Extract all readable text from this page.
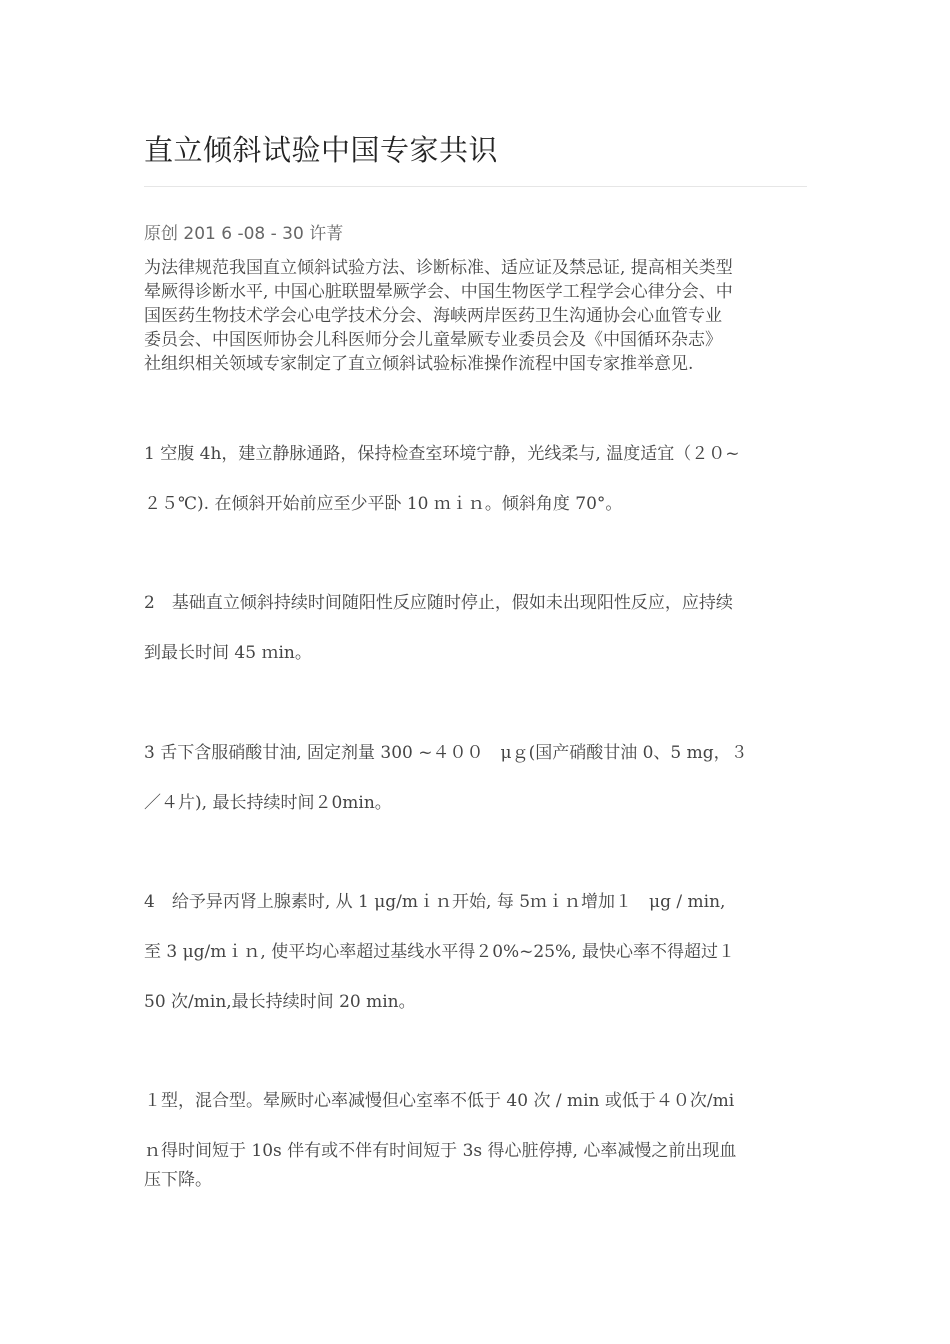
直立倾斜试验中国专家共识
原创 201 6 -08 - 30 许菁
为法律规范我国直立倾斜试验方法、诊断标准、适应证及禁忌证, 提高相关类型
晕厥得诊断水平, 中国心脏联盟晕厥学会、中国生物医学工程学会心律分会、中
国医药生物技术学会心电学技术分会、海峡两岸医药卫生沟通协会心血管专业
委员会、中国医师协会儿科医师分会儿童晕厥专业委员会及《中国循环杂志》
社组织相关领域专家制定了直立倾斜试验标准操作流程中国专家推举意见.
1 空腹 4h，建立静脉通路，保持检查室环境宁静，光线柔与, 温度适宜（２０~
２５℃). 在倾斜开始前应至少平卧 10 ｍｉｎ。倾斜角度 70°。
2　基础直立倾斜持续时间随阳性反应随时停止，假如未出现阳性反应，应持续
到最长时间 45 ｍin。
3 舌下含服硝酸甘油, 固定剂量 300 ~４００　μｇ(国产硝酸甘油 0、5 mg，３
／４片), 最长持续时间２0min。
4　给予异丙肾上腺素时, 从 1 μg/mｉｎ开始, 每 5ｍｉｎ增加１　μg / min,
至 3 μg/mｉｎ, 使平均心率超过基线水平得２0%~25%, 最快心率不得超过１
50 次/min,最长持续时间 20 min。
１型，混合型。晕厥时心率减慢但心室率不低于 40 次 / min 或低于４０次/mi
ｎ得时间短于 10s 伴有或不伴有时间短于 3s 得心脏停搏, 心率减慢之前出现血
压下降。
